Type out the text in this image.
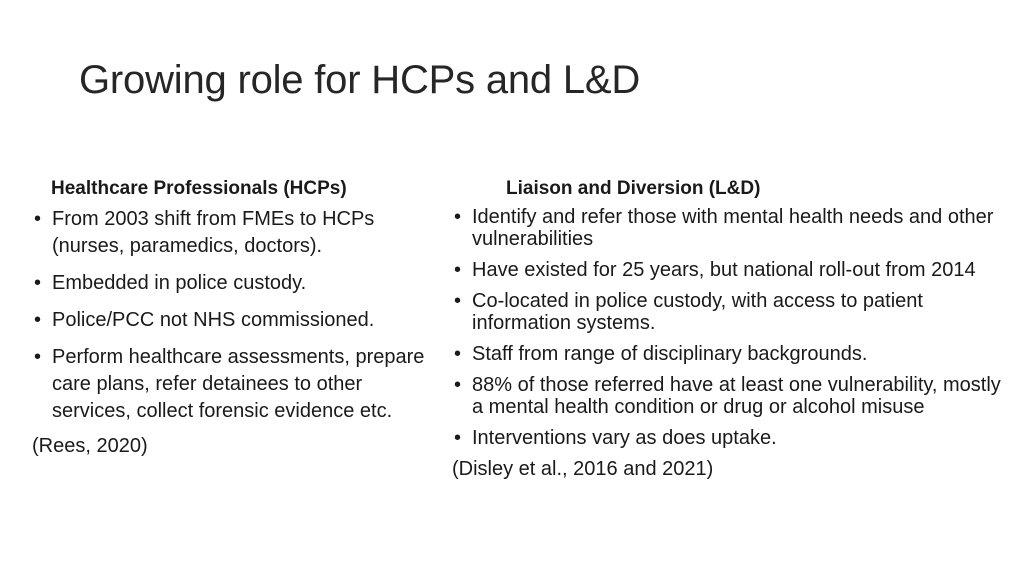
Growing role for HCPs and L&D
Healthcare Professionals (HCPs)
• From 2003 shift from FMEs to HCPs (nurses, paramedics, doctors).
• Embedded in police custody.
• Police/PCC not NHS commissioned.
• Perform healthcare assessments, prepare care plans, refer detainees to other services, collect forensic evidence etc.
(Rees, 2020)
Liaison and Diversion (L&D)
• Identify and refer those with mental health needs and other vulnerabilities
• Have existed for 25 years, but national roll-out from 2014
• Co-located in police custody, with access to patient information systems.
• Staff from range of disciplinary backgrounds.
• 88% of those referred have at least one vulnerability, mostly a mental health condition or drug or alcohol misuse
• Interventions vary as does uptake.
(Disley et al., 2016 and 2021)
